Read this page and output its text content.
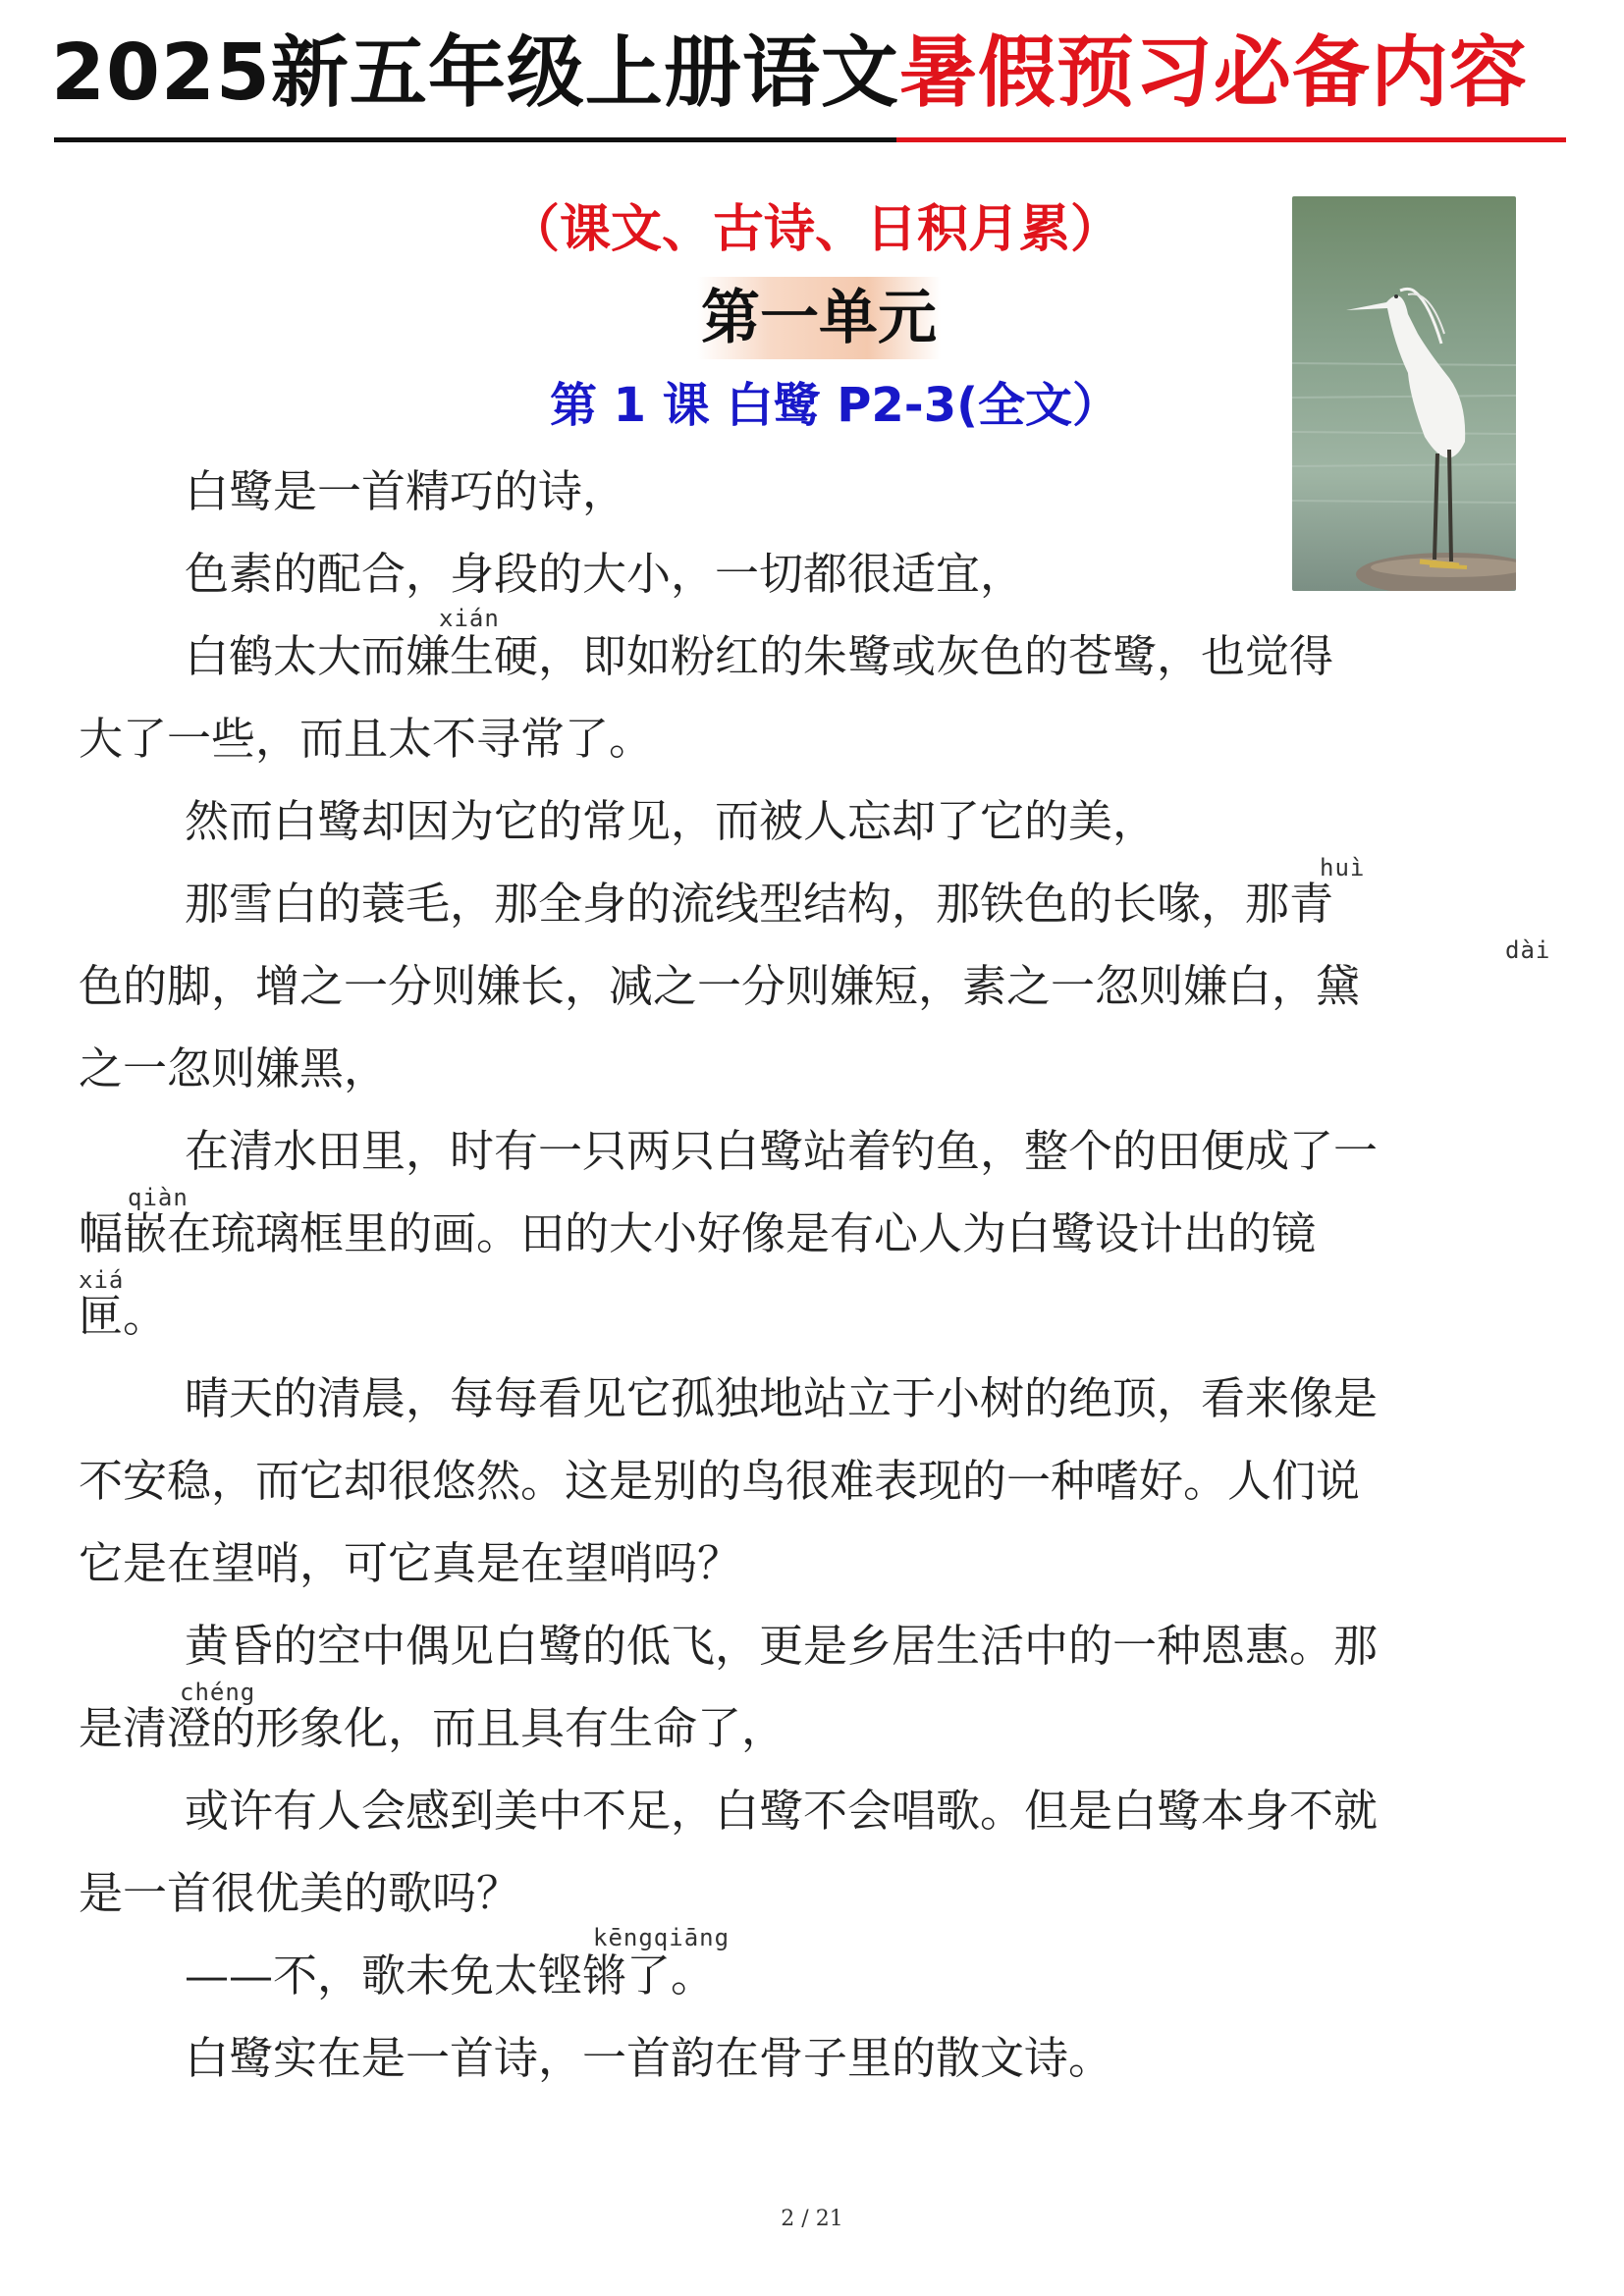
2025新五年级上册语文暑假预习必备内容
（课文、古诗、日积月累）
第一单元
第 1 课 白鹭 P2-3(全文）
xián
huì
dài
qiàn
xiá
chéng
kēngqiāng
白鹭是一首精巧的诗，
色素的配合，身段的大小，一切都很适宜，
白鹤太大而嫌生硬，即如粉红的朱鹭或灰色的苍鹭，也觉得
大了一些，而且太不寻常了。
然而白鹭却因为它的常见，而被人忘却了它的美，
那雪白的蓑毛，那全身的流线型结构，那铁色的长喙，那青
色的脚，增之一分则嫌长，减之一分则嫌短，素之一忽则嫌白，黛
之一忽则嫌黑，
在清水田里，时有一只两只白鹭站着钓鱼，整个的田便成了一
幅嵌在琉璃框里的画。田的大小好像是有心人为白鹭设计出的镜
匣。
晴天的清晨，每每看见它孤独地站立于小树的绝顶，看来像是
不安稳，而它却很悠然。这是别的鸟很难表现的一种嗜好。人们说
它是在望哨，可它真是在望哨吗？
黄昏的空中偶见白鹭的低飞，更是乡居生活中的一种恩惠。那
是清澄的形象化，而且具有生命了，
或许有人会感到美中不足，白鹭不会唱歌。但是白鹭本身不就
是一首很优美的歌吗？
——不，歌未免太铿锵了。
白鹭实在是一首诗，一首韵在骨子里的散文诗。
2 / 21
